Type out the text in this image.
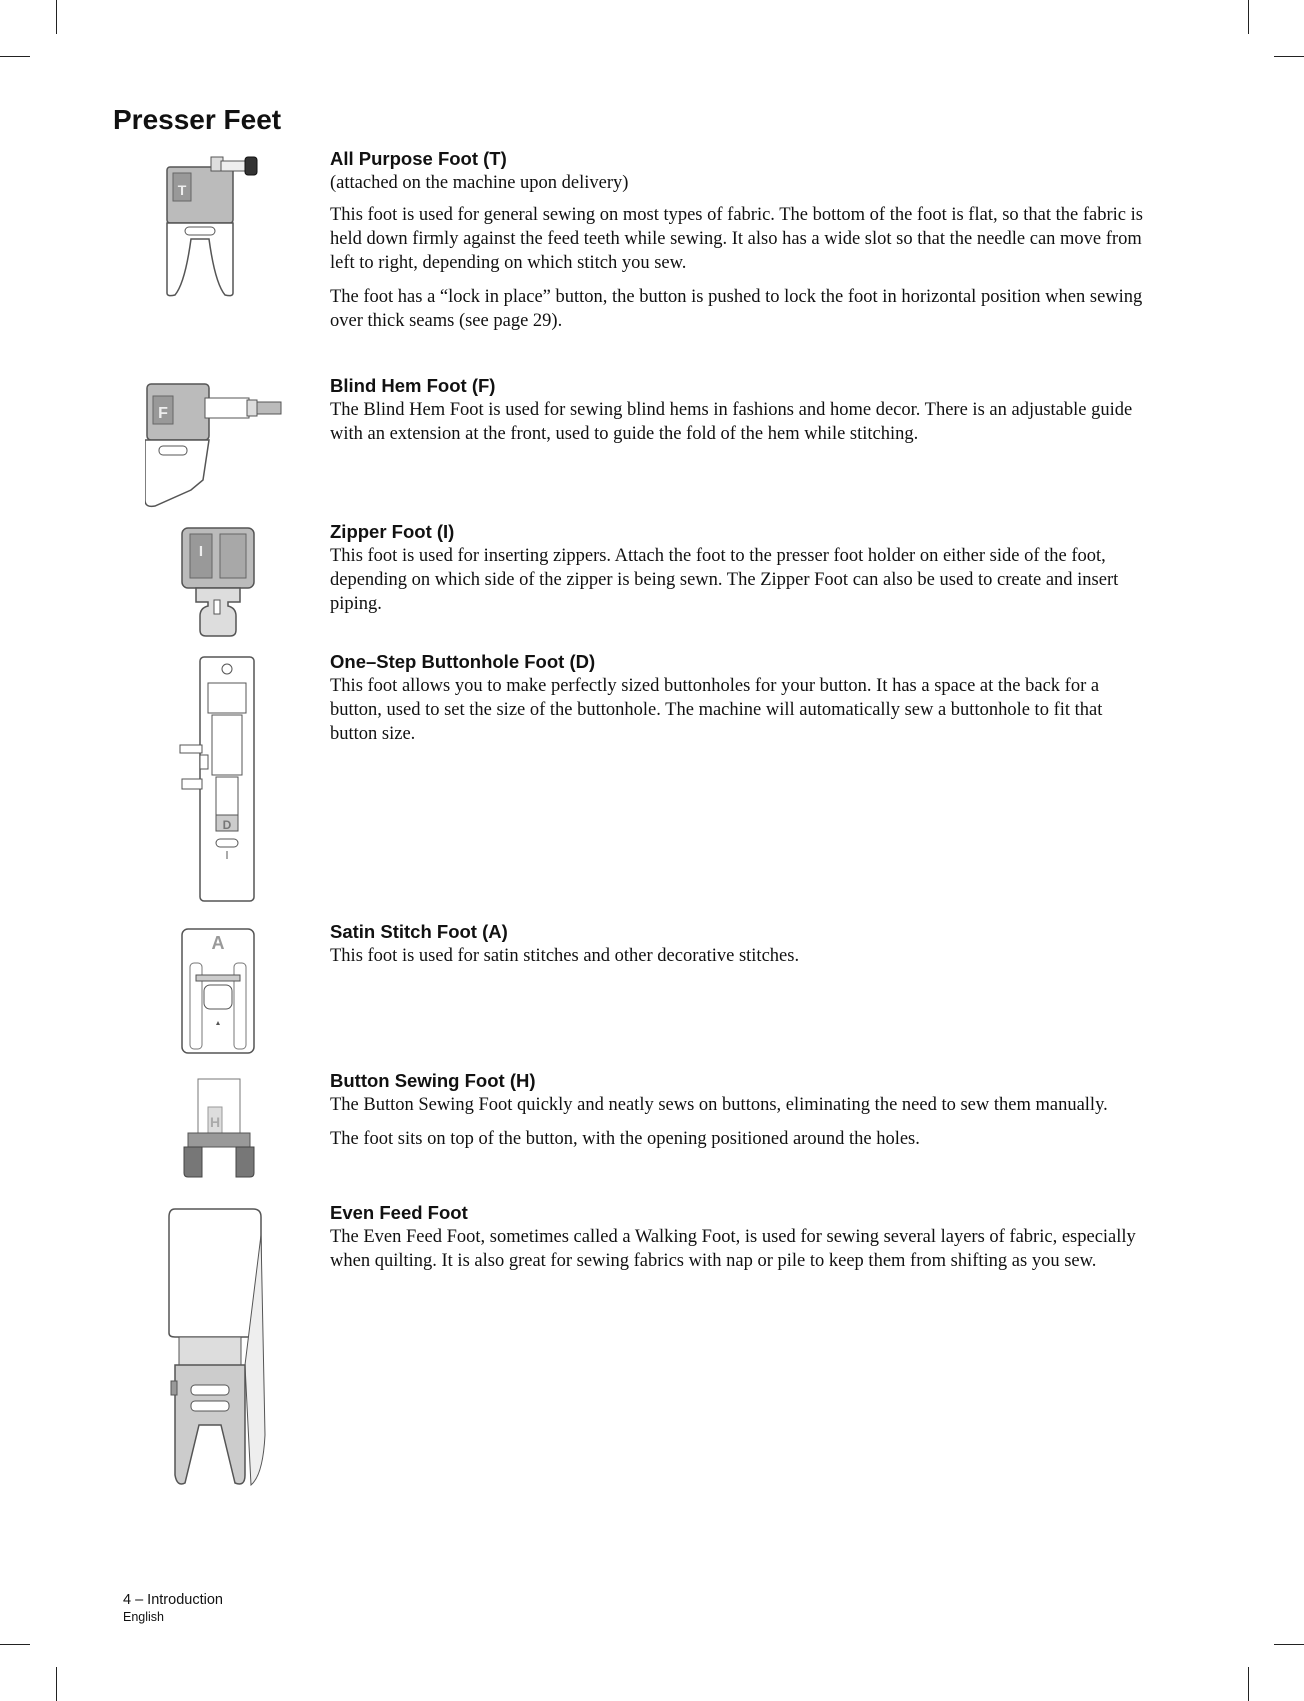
Presser Feet
T
F
I
D
A
H
All Purpose Foot (T)

(attached on the machine upon delivery)

This foot is used for general sewing on most types of fabric. The bottom of the foot is flat, so that the fabric is held down firmly against the feed teeth while sewing. It also has a wide slot so that the needle can move from left to right, depending on which stitch you sew.

The foot has a “lock in place” button, the button is pushed to lock the foot in horizontal position when sewing over thick seams (see page 29).

Blind Hem Foot (F)

The Blind Hem Foot is used for sewing blind hems in fashions and home decor. There is an adjustable guide with an extension at the front, used to guide the fold of the hem while stitching.

Zipper Foot (I)

This foot is used for inserting zippers. Attach the foot to the presser foot holder on either side of the foot, depending on which side of the zipper is being sewn. The Zipper Foot can also be used to create and insert piping.

One–Step Buttonhole Foot (D)

This foot allows you to make perfectly sized buttonholes for your button. It has a space at the back for a button, used to set the size of the buttonhole. The machine will automatically sew a buttonhole to fit that button size.

Satin Stitch Foot (A)

This foot is used for satin stitches and other decorative stitches.

Button Sewing Foot (H)

The Button Sewing Foot quickly and neatly sews on buttons, eliminating the need to sew them manually.

The foot sits on top of the button, with the opening positioned around the holes.

Even Feed Foot

The Even Feed Foot, sometimes called a Walking Foot, is used for sewing several layers of fabric, especially when quilting. It is also great for sewing fabrics with nap or pile to keep them from shifting as you sew.

4 – Introduction
English
